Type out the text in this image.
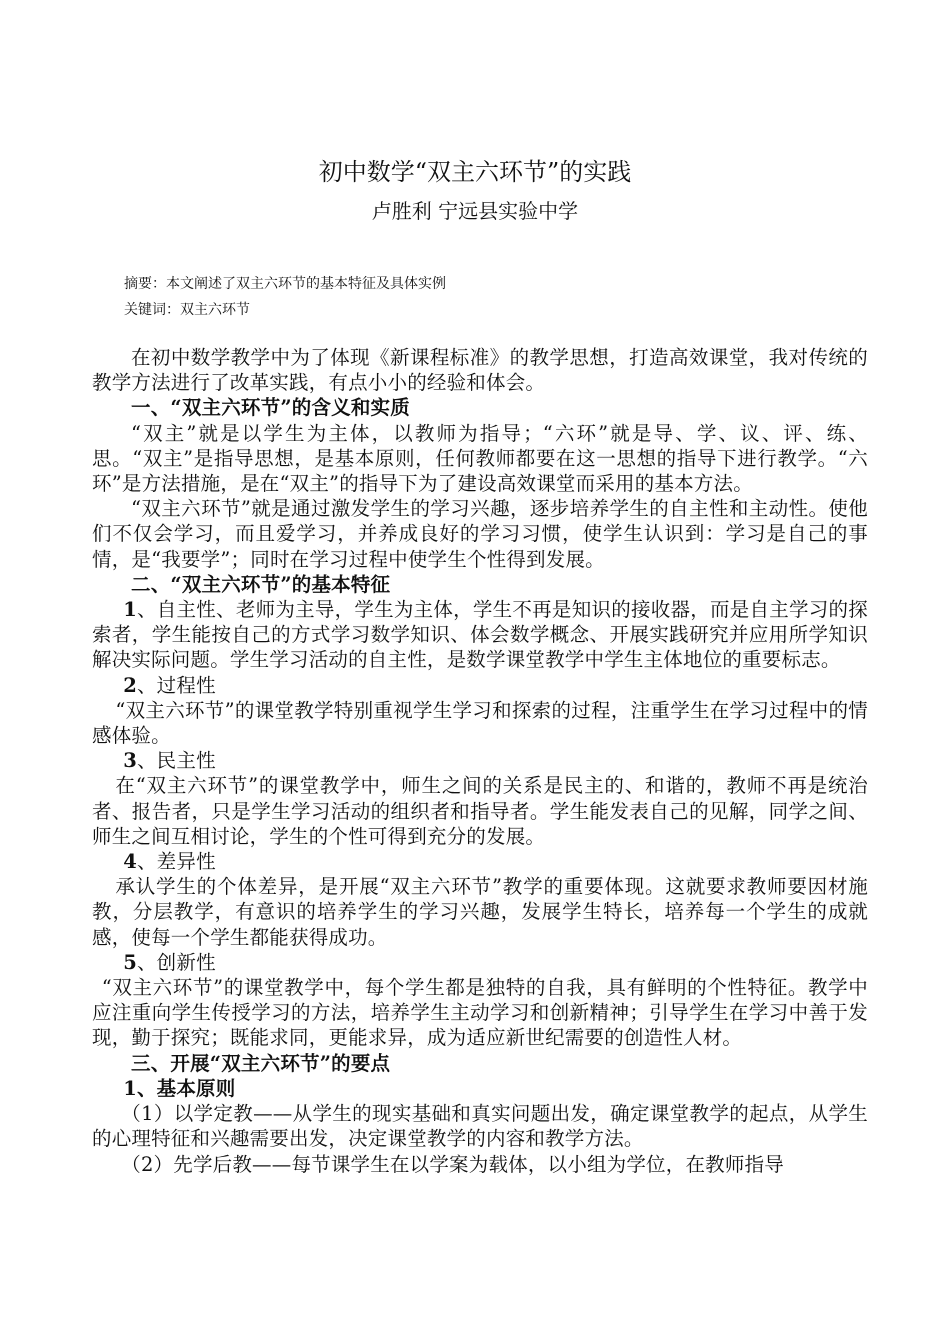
初中数学“双主六环节”的实践
卢胜利 宁远县实验中学
摘要：本文阐述了双主六环节的基本特征及具体实例
关键词：双主六环节

在初中数学教学中为了体现《新课程标准》的教学思想，打造高效课堂，我对传统的教学方法进行了改革实践，有点小小的经验和体会。

一、“双主六环节”的含义和实质

“双主”就是以学生为主体，以教师为指导；“六环”就是导、学、议、评、练、思。“双主”是指导思想，是基本原则，任何教师都要在这一思想的指导下进行教学。“六环”是方法措施，是在“双主”的指导下为了建设高效课堂而采用的基本方法。

“双主六环节”就是通过激发学生的学习兴趣，逐步培养学生的自主性和主动性。使他们不仅会学习，而且爱学习，并养成良好的学习习惯，使学生认识到：学习是自己的事情，是“我要学”；同时在学习过程中使学生个性得到发展。

二、“双主六环节”的基本特征

1、自主性、老师为主导，学生为主体，学生不再是知识的接收器，而是自主学习的探索者，学生能按自己的方式学习数学知识、体会数学概念、开展实践研究并应用所学知识解决实际问题。学生学习活动的自主性，是数学课堂教学中学生主体地位的重要标志。

2、过程性

“双主六环节”的课堂教学特别重视学生学习和探索的过程，注重学生在学习过程中的情感体验。

3、民主性

在“双主六环节”的课堂教学中，师生之间的关系是民主的、和谐的，教师不再是统治者、报告者，只是学生学习活动的组织者和指导者。学生能发表自己的见解，同学之间、师生之间互相讨论，学生的个性可得到充分的发展。

4、差异性

承认学生的个体差异，是开展“双主六环节”教学的重要体现。这就要求教师要因材施教，分层教学，有意识的培养学生的学习兴趣，发展学生特长，培养每一个学生的成就感，使每一个学生都能获得成功。

5、创新性

“双主六环节”的课堂教学中，每个学生都是独特的自我，具有鲜明的个性特征。教学中应注重向学生传授学习的方法，培养学生主动学习和创新精神；引导学生在学习中善于发现，勤于探究；既能求同，更能求异，成为适应新世纪需要的创造性人材。

三、开展“双主六环节”的要点

1、基本原则

（1）以学定教——从学生的现实基础和真实问题出发，确定课堂教学的起点，从学生的心理特征和兴趣需要出发，决定课堂教学的内容和教学方法。

（2）先学后教——每节课学生在以学案为载体，以小组为学位，在教师指导
